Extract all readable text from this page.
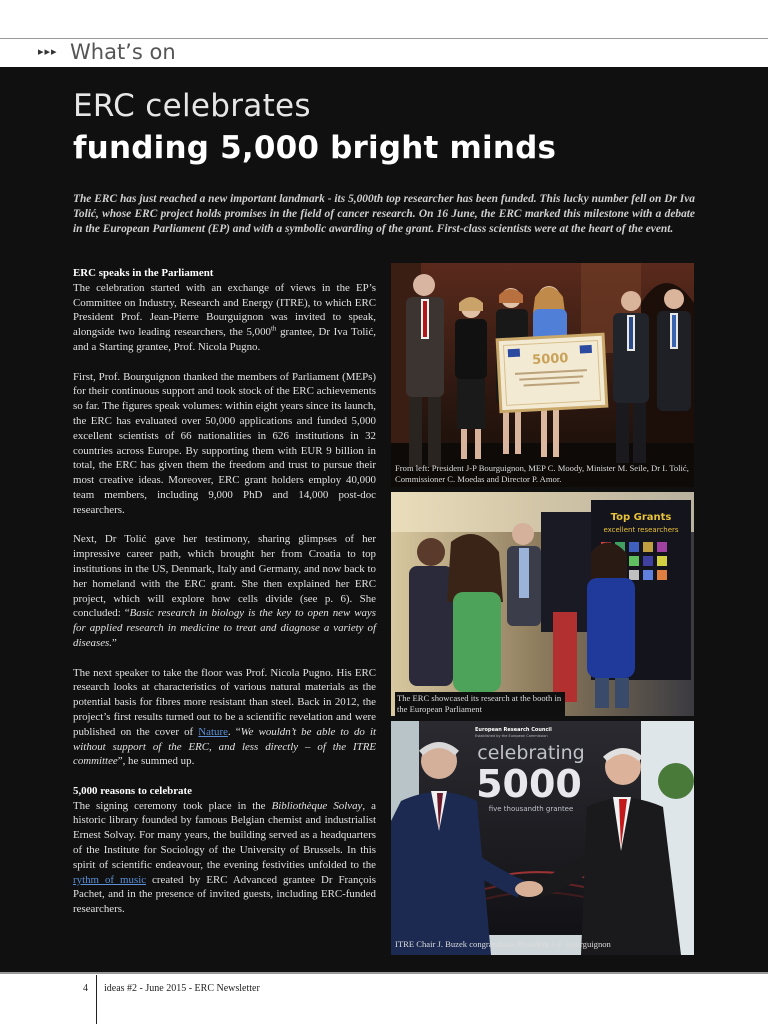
▸▸▸ What’s on
ERC celebrates
funding 5,000 bright minds

The ERC has just reached a new important landmark - its 5,000th top researcher has been funded. This lucky number fell on Dr Iva Tolić, whose ERC project holds promises in the field of cancer research. On 16 June, the ERC marked this milestone with a debate in the European Parliament (EP) and with a symbolic awarding of the grant. First-class scientists were at the heart of the event.

ERC speaks in the Parliament
The celebration started with an exchange of views in the EP’s Committee on Industry, Research and Energy (ITRE), to which ERC President Prof. Jean-Pierre Bourguignon was invited to speak, alongside two leading researchers, the 5,000th grantee, Dr Iva Tolić, and a Starting grantee, Prof. Nicola Pugno.

First, Prof. Bourguignon thanked the members of Parliament (MEPs) for their continuous support and took stock of the ERC achievements so far. The figures speak volumes: within eight years since its launch, the ERC has evaluated over 50,000 applications and funded 5,000 excellent scientists of 66 nationalities in 626 institutions in 32 countries across Europe. By supporting them with EUR 9 billion in total, the ERC has given them the freedom and trust to pursue their most creative ideas. Moreover, ERC grant holders employ 40,000 team members, including 9,000 PhD and 14,000 post-doc researchers.

Next, Dr Tolić gave her testimony, sharing glimpses of her impressive career path, which brought her from Croatia to top institutions in the US, Denmark, Italy and Germany, and now back to her homeland with the ERC grant. She then explained her ERC project, which will explore how cells divide (see p. 6). She concluded: “Basic research in biology is the key to open new ways for applied research in medicine to treat and diagnose a variety of diseases.”

The next speaker to take the floor was Prof. Nicola Pugno. His ERC research looks at characteristics of various natural materials as the potential basis for fibres more resistant than steel. Back in 2012, the project’s first results turned out to be a scientific revelation and were published on the cover of Nature. “We wouldn’t be able to do it without support of the ERC, and less directly – of the ITRE committee”, he summed up.

5,000 reasons to celebrate
The signing ceremony took place in the Bibliothèque Solvay, a historic library founded by famous Belgian chemist and industrialist Ernest Solvay. For many years, the building served as a headquarters of the Institute for Sociology of the University of Brussels. In this spirit of scientific endeavour, the evening festivities unfolded to the rythm of music created by ERC Advanced grantee Dr François Pachet, and in the presence of invited guests, including ERC-funded researchers.

5000
From left: President J-P Bourguignon, MEP C. Moody, Minister M. Seile, Dr I. Tolić, Commissioner C. Moedas and Director P. Amor.
Top Grants
excellent researchers
The ERC showcased its research at the booth in the European Parliament
European Research Council
Established by the European Commission
celebrating
5000
five thousandth grantee
ITRE Chair J. Buzek congratulates President J-P. Bourguignon
4 ideas #2 - June 2015 - ERC Newsletter
